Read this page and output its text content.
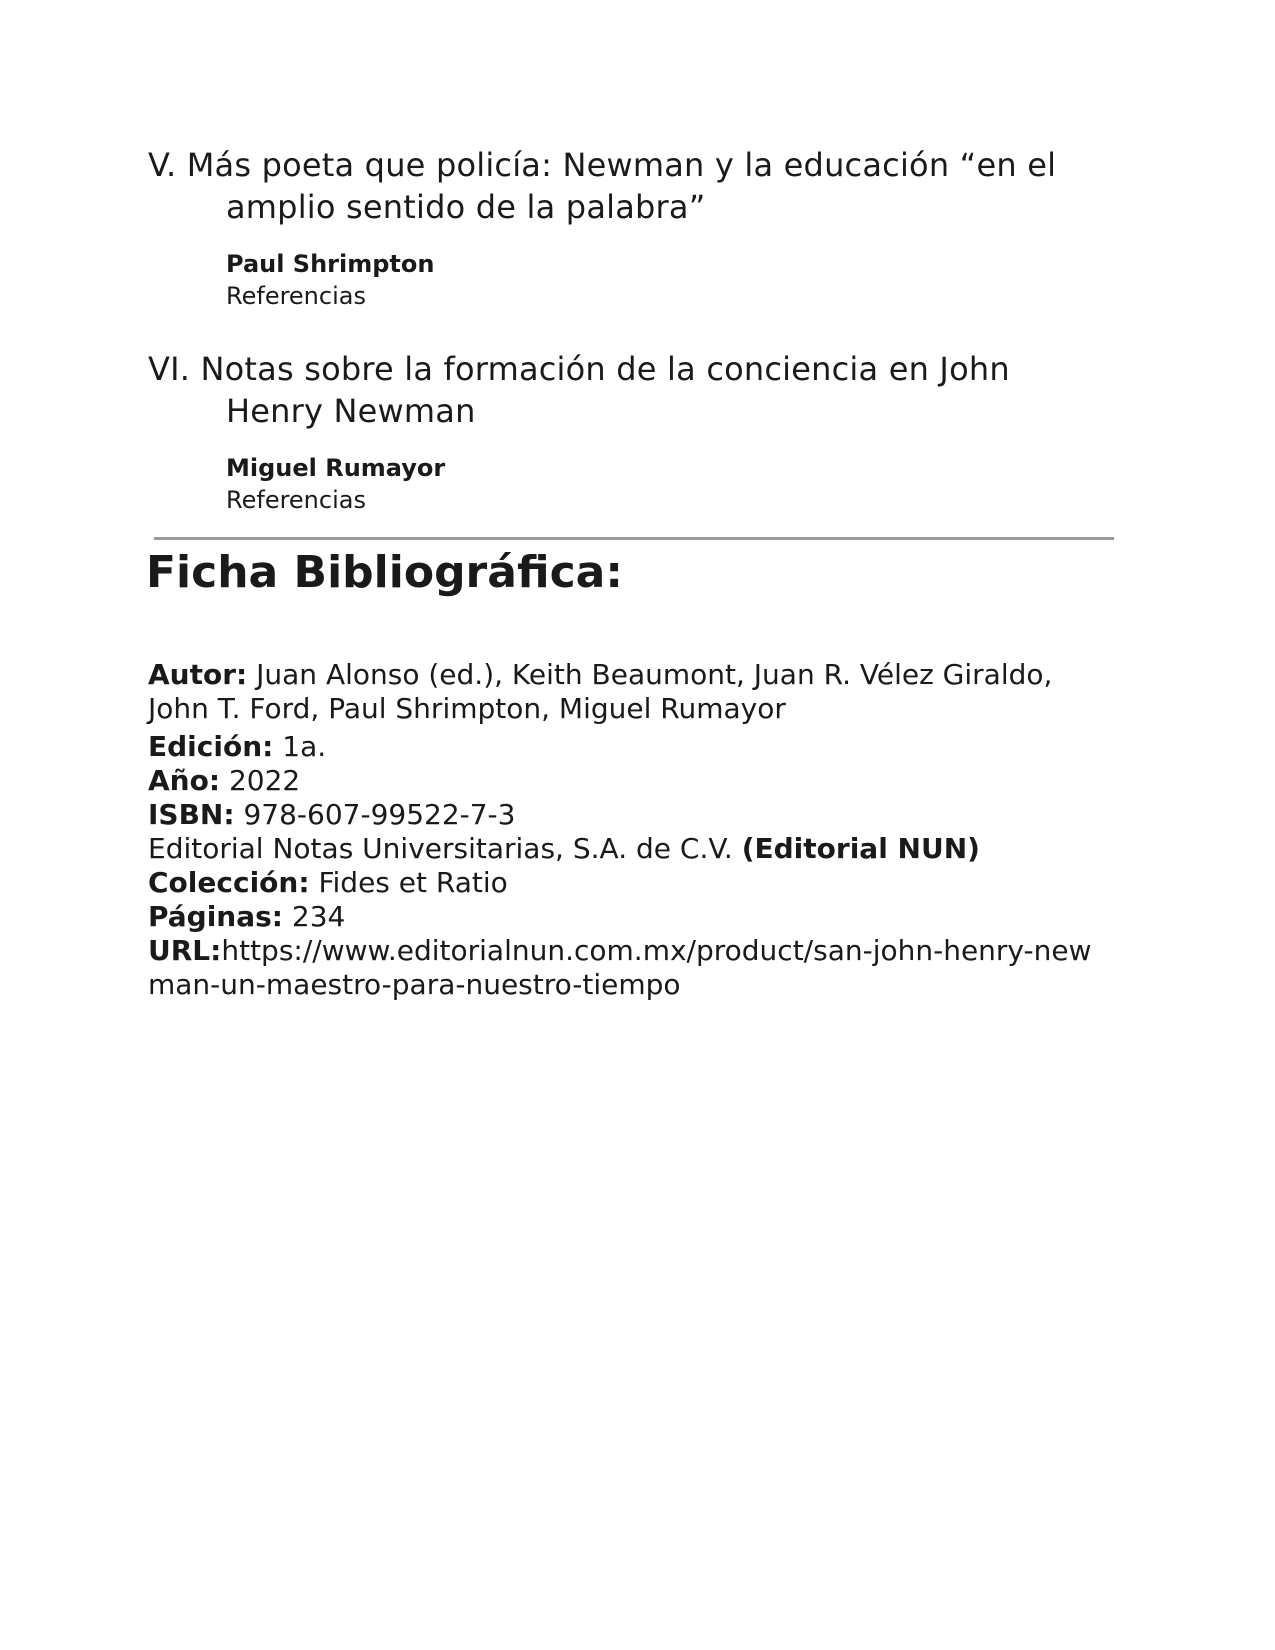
V. Más poeta que policía: Newman y la educación “en el amplio sentido de la palabra”

Paul Shrimpton

Referencias

VI. Notas sobre la formación de la conciencia en John Henry Newman

Miguel Rumayor

Referencias

Ficha Bibliográfica:

Autor: Juan Alonso (ed.), Keith Beaumont, Juan R. Vélez Giraldo, John T. Ford, Paul Shrimpton, Miguel Rumayor

Edición: 1a.

Año: 2022

ISBN: 978-607-99522-7-3

Editorial Notas Universitarias, S.A. de C.V. (Editorial NUN)

Colección: Fides et Ratio

Páginas: 234

URL:https://www.editorialnun.com.mx/product/san-john-henry-newman-un-maestro-para-nuestro-tiempo
